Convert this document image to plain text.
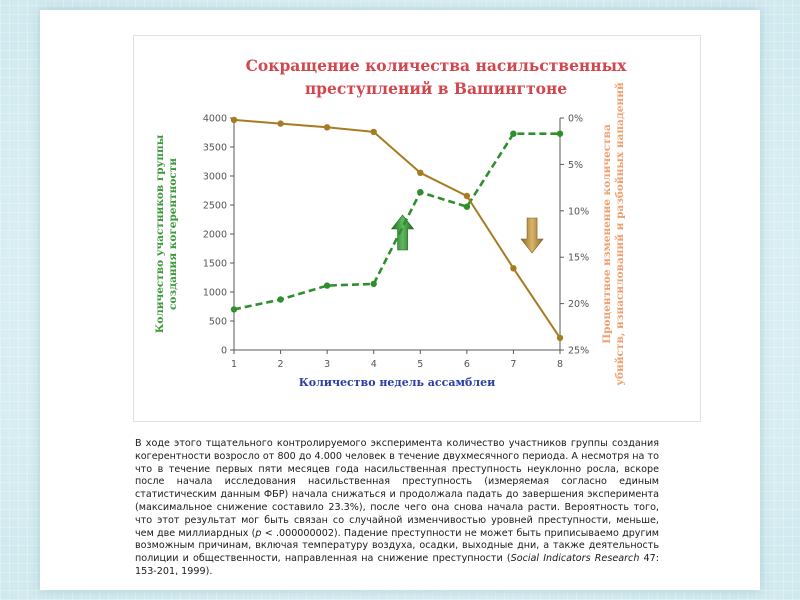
Сокращение количества насильственных
преступлений в Вашингтоне
0
500
1000
1500
2000
2500
3000
3500
4000	0%
5%
10%
15%
20%
25%
1	2	3	4	5	6	7	8
Количество недель ассамблеи
Количество участников группы создания когерентности	Процентное изменение количества убийств, изнасилований и разбойных нападений

В ходе этого тщательного контролируемого эксперимента количество участников группы создания когерентности возросло от 800 до 4.000 человек в течение двухмесячного периода. А несмотря на то что в течение первых пяти месяцев года насильственная преступность неуклонно росла, вскоре после начала исследования насильственная преступность (измеряемая согласно единым статистическим данным ФБР) начала снижаться и продолжала падать до завершения эксперимента (максимальное снижение составило 23.3%), после чего она снова начала расти. Вероятность того, что этот результат мог быть связан со случайной изменчивостью уровней преступности, меньше, чем две миллиардных (p < .000000002). Падение преступности не может быть приписываемо другим возможным причинам, включая температуру воздуха, осадки, выходные дни, а также деятельность полиции и общественности, направленная на снижение преступности (Social Indicators Research 47: 153-201, 1999).
